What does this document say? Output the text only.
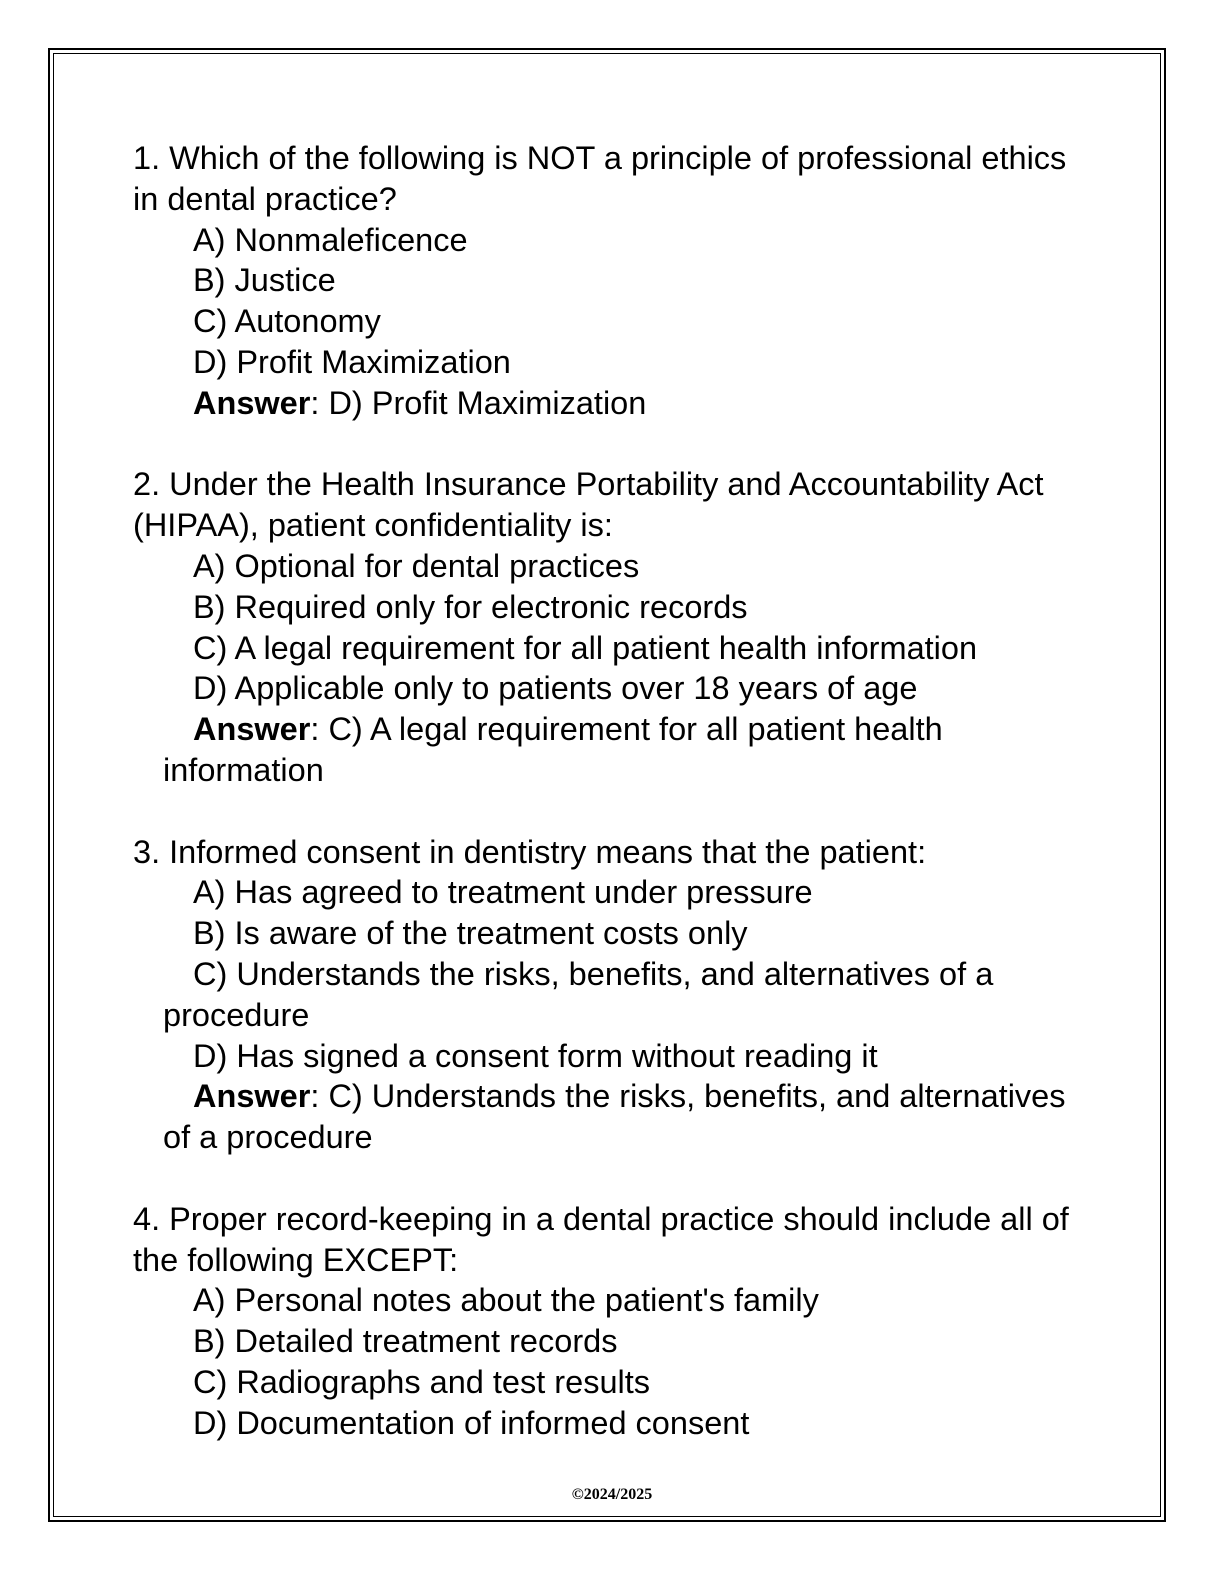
1. Which of the following is NOT a principle of professional ethics in dental practice?
A) Nonmaleficence
B) Justice
C) Autonomy
D) Profit Maximization
Answer: D) Profit Maximization
2. Under the Health Insurance Portability and Accountability Act (HIPAA), patient confidentiality is:
A) Optional for dental practices
B) Required only for electronic records
C) A legal requirement for all patient health information
D) Applicable only to patients over 18 years of age
Answer: C) A legal requirement for all patient health information
3. Informed consent in dentistry means that the patient:
A) Has agreed to treatment under pressure
B) Is aware of the treatment costs only
C) Understands the risks, benefits, and alternatives of a procedure
D) Has signed a consent form without reading it
Answer: C) Understands the risks, benefits, and alternatives of a procedure
4. Proper record-keeping in a dental practice should include all of the following EXCEPT:
A) Personal notes about the patient's family
B) Detailed treatment records
C) Radiographs and test results
D) Documentation of informed consent
©2024/2025
